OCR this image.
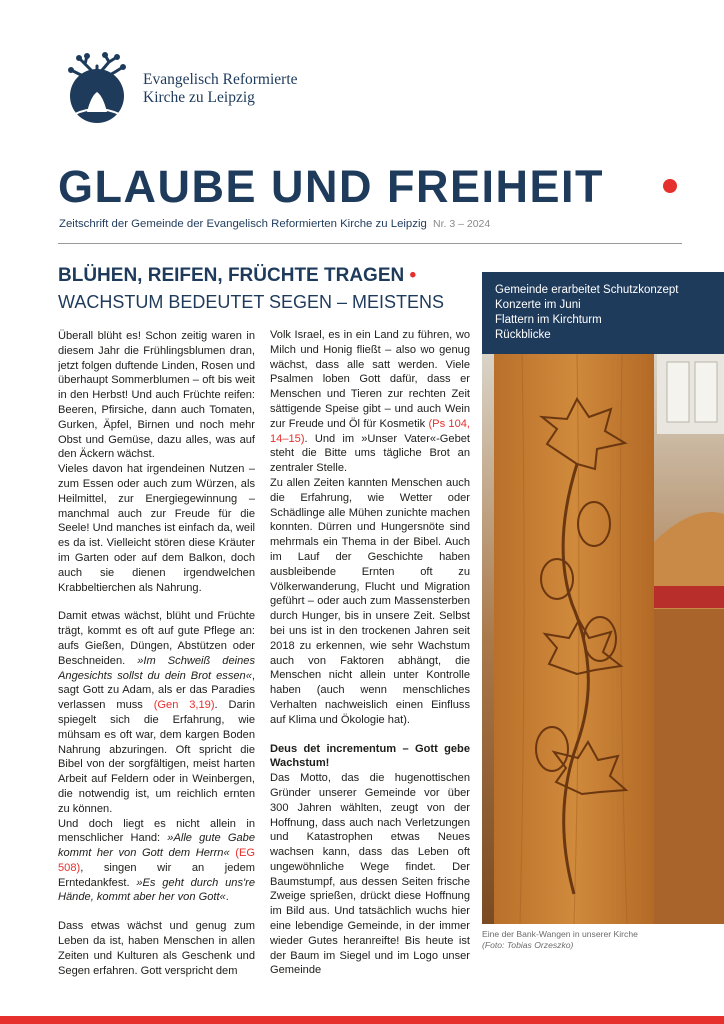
Evangelisch Reformierte
Kirche zu Leipzig
GLAUBE UND FREIHEIT
Zeitschrift der Gemeinde der Evangelisch Reformierten Kirche zu Leipzig Nr. 3 – 2024
BLÜHEN, REIFEN, FRÜCHTE TRAGEN •
WACHSTUM BEDEUTET SEGEN – MEISTENS

Überall blüht es! Schon zeitig waren in diesem Jahr die Frühlingsblumen dran, jetzt folgen duftende Linden, Rosen und überhaupt Sommerblumen – oft bis weit in den Herbst! Und auch Früchte reifen: Beeren, Pfirsiche, dann auch Tomaten, Gurken, Äpfel, Birnen und noch mehr Obst und Gemüse, dazu alles, was auf den Äckern wächst.

Vieles davon hat irgendeinen Nutzen – zum Essen oder auch zum Würzen, als Heilmittel, zur Energiegewinnung – manchmal auch zur Freude für die Seele! Und manches ist einfach da, weil es da ist. Vielleicht stören diese Kräuter im Garten oder auf dem Balkon, doch auch sie dienen irgendwelchen Krabbeltierchen als Nahrung.

Damit etwas wächst, blüht und Früchte trägt, kommt es oft auf gute Pflege an: aufs Gießen, Düngen, Abstützen oder Beschneiden. »Im Schweiß deines Angesichts sollst du dein Brot essen«, sagt Gott zu Adam, als er das Paradies verlassen muss (Gen 3,19). Darin spiegelt sich die Erfahrung, wie mühsam es oft war, dem kargen Boden Nahrung abzuringen. Oft spricht die Bibel von der sorgfältigen, meist harten Arbeit auf Feldern oder in Weinbergen, die notwendig ist, um reichlich ernten zu können.

Und doch liegt es nicht allein in menschlicher Hand: »Alle gute Gabe kommt her von Gott dem Herrn« (EG 508), singen wir an jedem Erntedankfest. »Es geht durch uns're Hände, kommt aber her von Gott«.

Dass etwas wächst und genug zum Leben da ist, haben Menschen in allen Zeiten und Kulturen als Geschenk und Segen erfahren. Gott verspricht dem

Volk Israel, es in ein Land zu führen, wo Milch und Honig fließt – also wo genug wächst, dass alle satt werden. Viele Psalmen loben Gott dafür, dass er Menschen und Tieren zur rechten Zeit sättigende Speise gibt – und auch Wein zur Freude und Öl für Kosmetik (Ps 104, 14–15). Und im »Unser Vater«-Gebet steht die Bitte ums tägliche Brot an zentraler Stelle.

Zu allen Zeiten kannten Menschen auch die Erfahrung, wie Wetter oder Schädlinge alle Mühen zunichte machen konnten. Dürren und Hungersnöte sind mehrmals ein Thema in der Bibel. Auch im Lauf der Geschichte haben ausbleibende Ernten oft zu Völkerwanderung, Flucht und Migration geführt – oder auch zum Massensterben durch Hunger, bis in unsere Zeit. Selbst bei uns ist in den trockenen Jahren seit 2018 zu erkennen, wie sehr Wachstum auch von Faktoren abhängt, die Menschen nicht allein unter Kontrolle haben (auch wenn menschliches Verhalten nachweislich einen Einfluss auf Klima und Ökologie hat).

Deus det incrementum – Gott gebe Wachstum!

Das Motto, das die hugenottischen Gründer unserer Gemeinde vor über 300 Jahren wählten, zeugt von der Hoffnung, dass auch nach Verletzungen und Katastrophen etwas Neues wachsen kann, dass das Leben oft ungewöhnliche Wege findet. Der Baumstumpf, aus dessen Seiten frische Zweige sprießen, drückt diese Hoffnung im Bild aus. Und tatsächlich wuchs hier eine lebendige Gemeinde, in der immer wieder Gutes heranreifte! Bis heute ist der Baum im Siegel und im Logo unser Gemeinde

Gemeinde erarbeitet Schutzkonzept
Konzerte im Juni
Flattern im Kirchturm
Rückblicke
Eine der Bank-Wangen in unserer Kirche
(Foto: Tobias Orzeszko)
